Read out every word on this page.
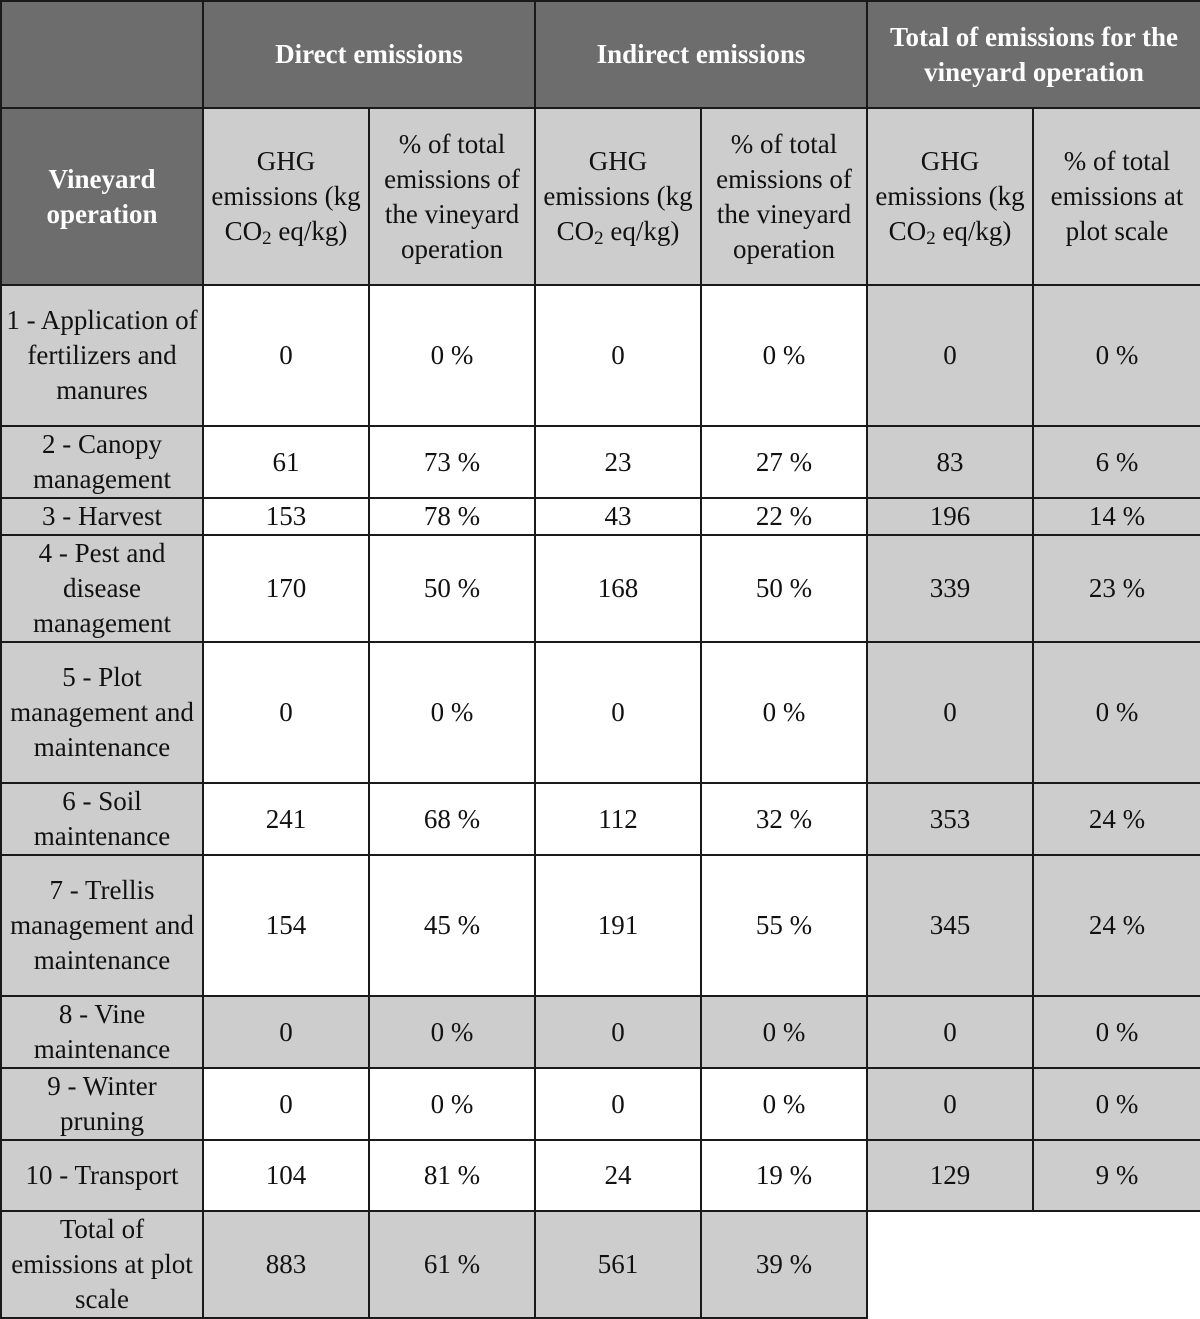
	Direct emissions		Indirect emissions		Total of emissions for the vineyard operation	
Vineyard operation	GHG emissions (kg $CO_2$ eq/kg)	% of total emissions of the vineyard operation	GHG emissions (kg $CO_2$ eq/kg)	% of total emissions of the vineyard operation	GHG emissions (kg $CO_2$ eq/kg)	% of total emissions at plot scale
1 - Application of fertilizers and manures	0	0 %	0	0 %	0	0 %
2 - Canopy management	61	73 %	23	27 %	83	6 %
3 - Harvest	153	78 %	43	22 %	196	14 %
4 - Pest and disease management	170	50 %	168	50 %	339	23 %
5 - Plot management and maintenance	0	0 %	0	0 %	0	0 %
6 - Soil maintenance	241	68 %	112	32 %	353	24 %
7 - Trellis management and maintenance	154	45 %	191	55 %	345	24 %
8 - Vine maintenance	0	0 %	0	0 %	0	0 %
9 - Winter pruning	0	0 %	0	0 %	0	0 %
10 - Transport	104	81 %	24	19 %	129	9 %
Total of emissions at plot scale	883	61 %	561	39 %		
